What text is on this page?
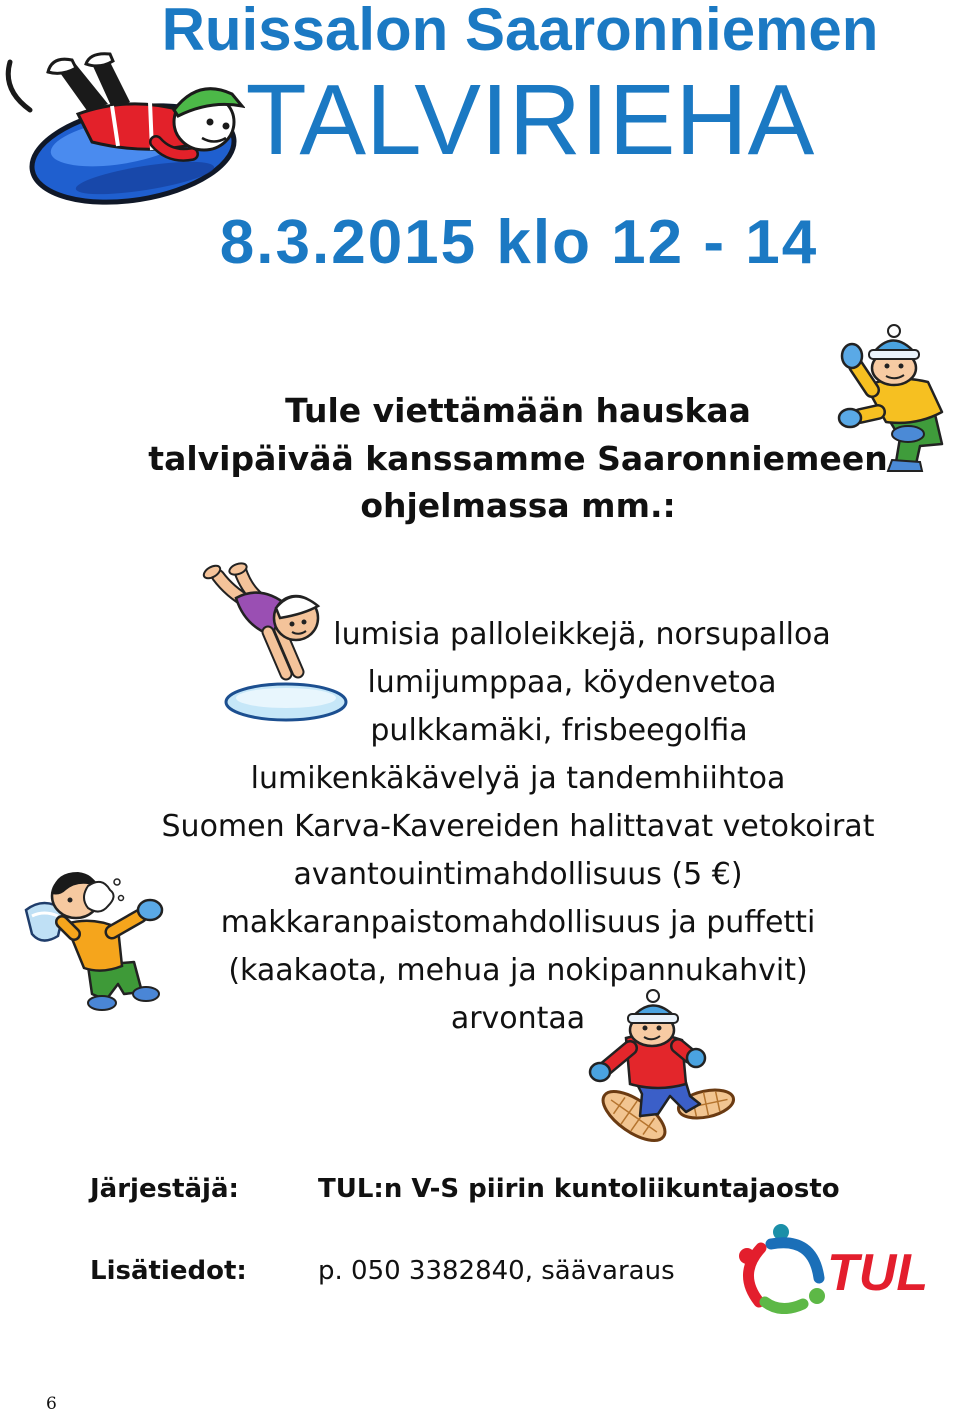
Ruissalon Saaronniemen
TALVIRIEHA
8.3.2015 klo 12 - 14
Tule viettämään hauskaa
talvipäivää kanssamme Saaronniemeen
ohjelmassa mm.:
lumisia palloleikkejä, norsupalloa
lumijumppaa, köydenvetoa
pulkkamäki, frisbeegolfia
lumikenkäkävelyä ja tandemhiihtoa
Suomen Karva-Kavereiden halittavat vetokoirat
avantouintimahdollisuus (5 €)
makkaranpaistomahdollisuus ja puffetti
(kaakaota, mehua ja nokipannukahvit)
arvontaa
Järjestäjä:	TUL:n V-S piirin kuntoliikuntajaosto
Lisätiedot:	p. 050 3382840, säävaraus	TUL
6
